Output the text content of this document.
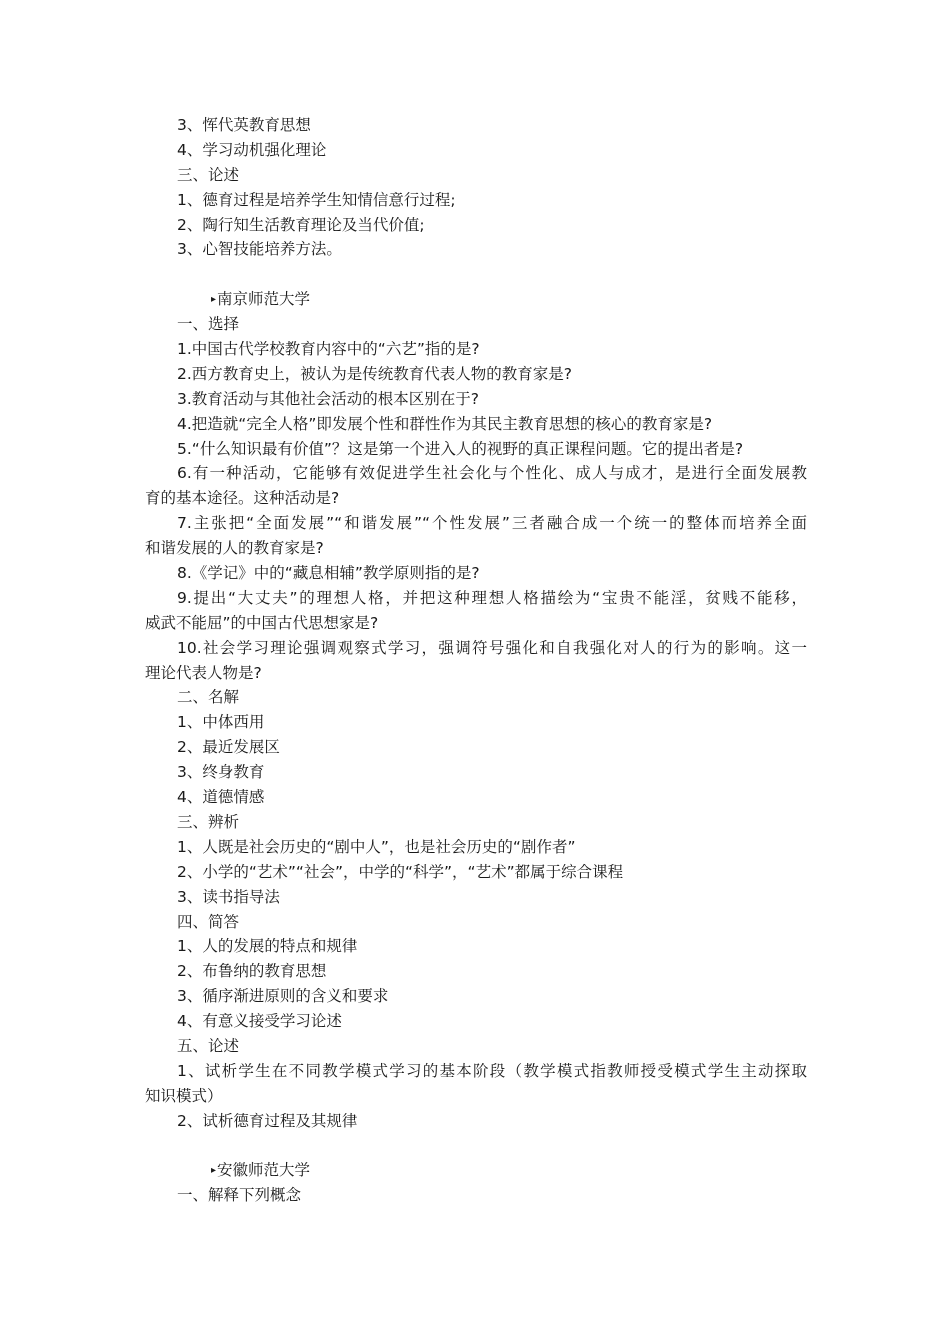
3、恽代英教育思想
4、学习动机强化理论
三、论述
1、德育过程是培养学生知情信意行过程;
2、陶行知生活教育理论及当代价值;
3、心智技能培养方法。
▸南京师范大学
一、选择
1.中国古代学校教育内容中的“六艺”指的是?
2.西方教育史上，被认为是传统教育代表人物的教育家是?
3.教育活动与其他社会活动的根本区别在于?
4.把造就“完全人格”即发展个性和群性作为其民主教育思想的核心的教育家是?
5.“什么知识最有价值”？这是第一个进入人的视野的真正课程问题。它的提出者是?
6.有一种活动，它能够有效促进学生社会化与个性化、成人与成才，是进行全面发展教
育的基本途径。这种活动是?
7.主张把“全面发展”“和谐发展”“个性发展”三者融合成一个统一的整体而培养全面
和谐发展的人的教育家是?
8.《学记》中的“藏息相辅”教学原则指的是?
9.提出“大丈夫”的理想人格，并把这种理想人格描绘为“宝贵不能淫，贫贱不能移，
威武不能屈”的中国古代思想家是?
10.社会学习理论强调观察式学习，强调符号强化和自我强化对人的行为的影响。这一
理论代表人物是?
二、名解
1、中体西用
2、最近发展区
3、终身教育
4、道德情感
三、辨析
1、人既是社会历史的“剧中人”，也是社会历史的“剧作者”
2、小学的“艺术”“社会”，中学的“科学”，“艺术”都属于综合课程
3、读书指导法
四、简答
1、人的发展的特点和规律
2、布鲁纳的教育思想
3、循序渐进原则的含义和要求
4、有意义接受学习论述
五、论述
1、试析学生在不同教学模式学习的基本阶段（教学模式指教师授受模式学生主动探取
知识模式）
2、试析德育过程及其规律
▸安徽师范大学
一、解释下列概念
